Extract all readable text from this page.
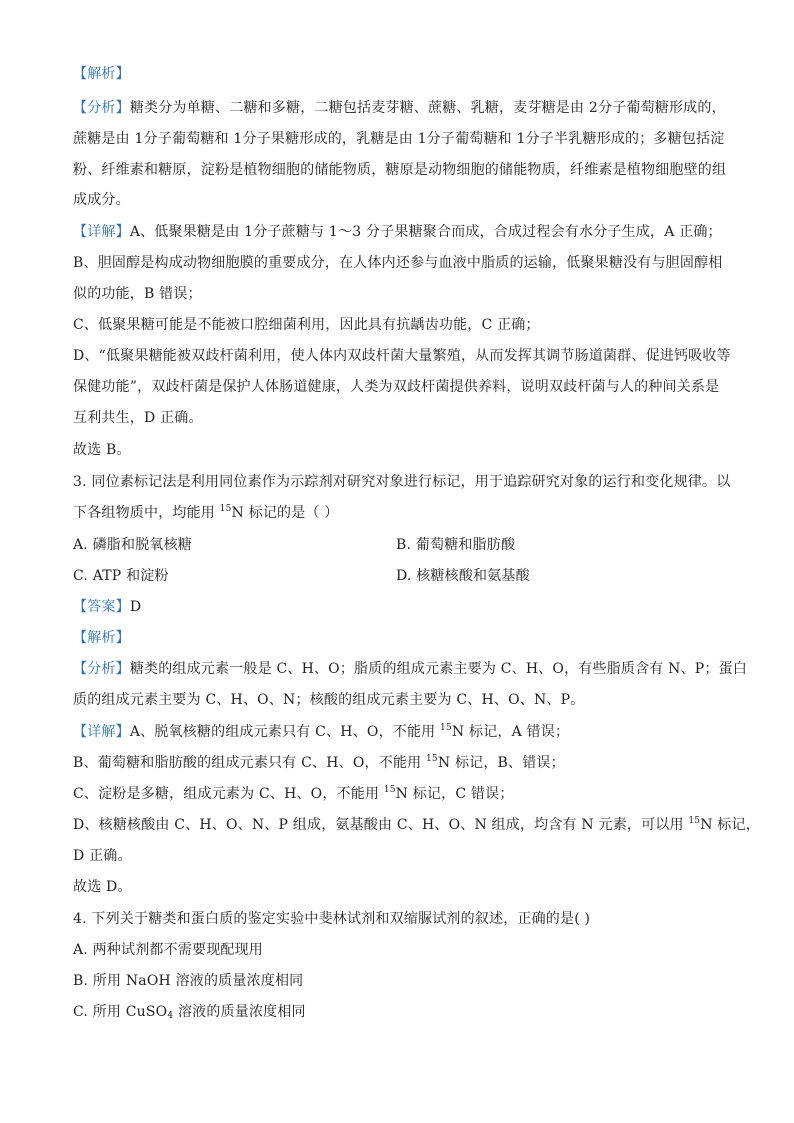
【解析】
【分析】糖类分为单糖、二糖和多糖，二糖包括麦芽糖、蔗糖、乳糖，麦芽糖是由 2分子葡萄糖形成的，
蔗糖是由 1分子葡萄糖和 1分子果糖形成的，乳糖是由 1分子葡萄糖和 1分子半乳糖形成的；多糖包括淀
粉、纤维素和糖原，淀粉是植物细胞的储能物质，糖原是动物细胞的储能物质，纤维素是植物细胞壁的组
成成分。
【详解】A、低聚果糖是由 1分子蔗糖与 1～3 分子果糖聚合而成，合成过程会有水分子生成，A 正确；
B、胆固醇是构成动物细胞膜的重要成分，在人体内还参与血液中脂质的运输，低聚果糖没有与胆固醇相
似的功能，B 错误；
C、低聚果糖可能是不能被口腔细菌利用，因此具有抗龋齿功能，C 正确；
D、“低聚果糖能被双歧杆菌利用，使人体内双歧杆菌大量繁殖，从而发挥其调节肠道菌群、促进钙吸收等
保健功能”，双歧杆菌是保护人体肠道健康，人类为双歧杆菌提供养料，说明双歧杆菌与人的种间关系是
互利共生，D 正确。
故选 B。
3. 同位素标记法是利用同位素作为示踪剂对研究对象进行标记，用于追踪研究对象的运行和变化规律。以
下各组物质中，均能用 $^{15}$N 标记的是（ ）
A. 磷脂和脱氧核糖	B. 葡萄糖和脂肪酸
C. ATP 和淀粉	D. 核糖核酸和氨基酸
【答案】D
【解析】
【分析】糖类的组成元素一般是 C、H、O；脂质的组成元素主要为 C、H、O，有些脂质含有 N、P；蛋白
质的组成元素主要为 C、H、O、N；核酸的组成元素主要为 C、H、O、N、P。
【详解】A、脱氧核糖的组成元素只有 C、H、O，不能用 $^{15}$N 标记，A 错误；
B、葡萄糖和脂肪酸的组成元素只有 C、H、O，不能用 $^{15}$N 标记，B、错误；
C、淀粉是多糖，组成元素为 C、H、O，不能用 $^{15}$N 标记，C 错误；
D、核糖核酸由 C、H、O、N、P 组成，氨基酸由 C、H、O、N 组成，均含有 N 元素，可以用 $^{15}$N 标记，
D 正确。
故选 D。
4. 下列关于糖类和蛋白质的鉴定实验中斐林试剂和双缩脲试剂的叙述，正确的是( )
A. 两种试剂都不需要现配现用
B. 所用 NaOH 溶液的质量浓度相同
C. 所用 CuSO$_4$ 溶液的质量浓度相同
